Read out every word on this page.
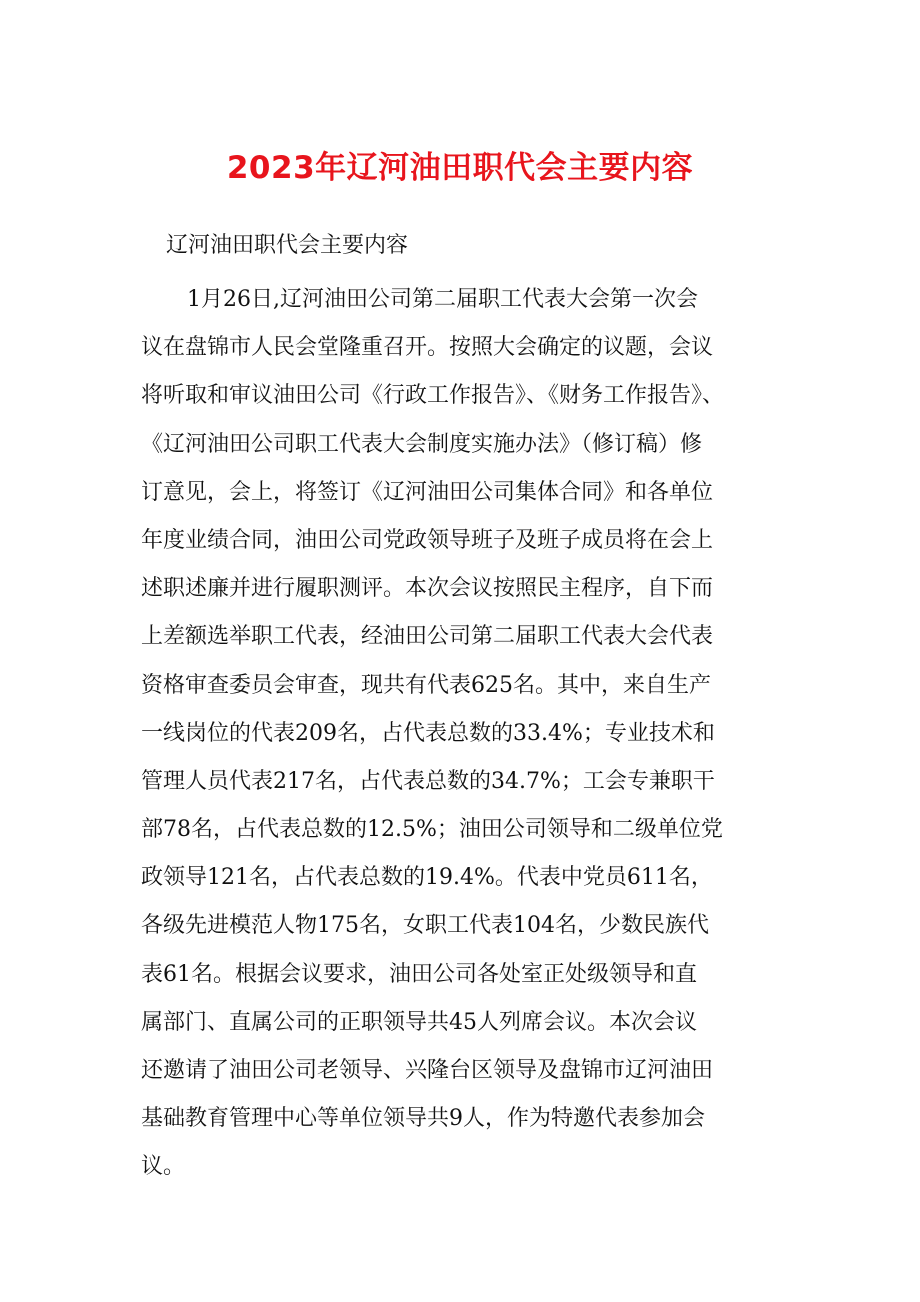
2023年辽河油田职代会主要内容
辽河油田职代会主要内容
1月26日,辽河油田公司第二届职工代表大会第一次会
议在盘锦市人民会堂隆重召开。按照大会确定的议题，会议
将听取和审议油田公司《行政工作报告》、《财务工作报告》、
《辽河油田公司职工代表大会制度实施办法》（修订稿）修
订意见，会上，将签订《辽河油田公司集体合同》和各单位
年度业绩合同，油田公司党政领导班子及班子成员将在会上
述职述廉并进行履职测评。本次会议按照民主程序，自下而
上差额选举职工代表，经油田公司第二届职工代表大会代表
资格审查委员会审查，现共有代表625名。其中，来自生产
一线岗位的代表209名，占代表总数的33.4%；专业技术和
管理人员代表217名，占代表总数的34.7%；工会专兼职干
部78名，占代表总数的12.5%；油田公司领导和二级单位党
政领导121名，占代表总数的19.4%。代表中党员611名，
各级先进模范人物175名，女职工代表104名，少数民族代
表61名。根据会议要求，油田公司各处室正处级领导和直
属部门、直属公司的正职领导共45人列席会议。本次会议
还邀请了油田公司老领导、兴隆台区领导及盘锦市辽河油田
基础教育管理中心等单位领导共9人，作为特邀代表参加会
议。
